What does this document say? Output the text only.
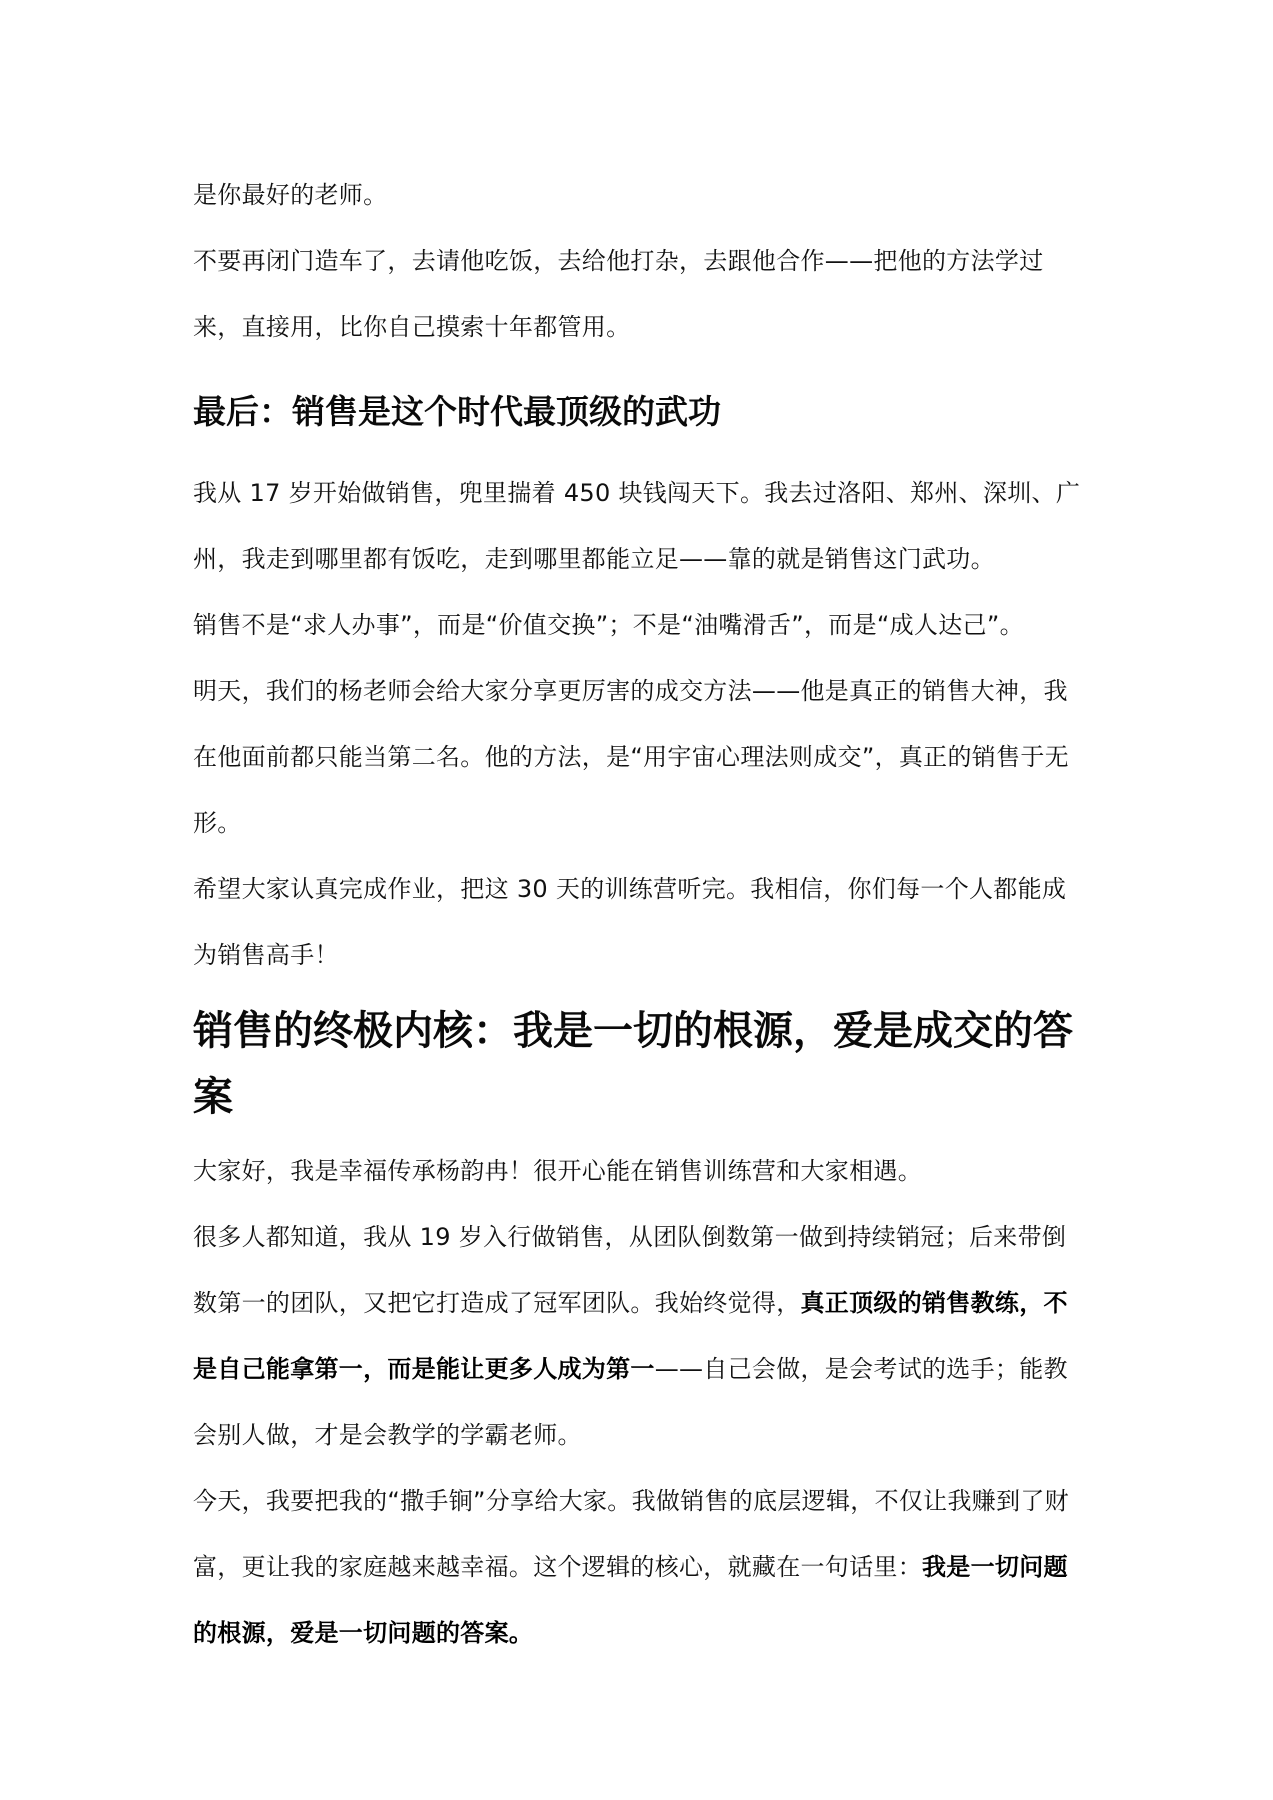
是你最好的老师。

不要再闭门造车了，去请他吃饭，去给他打杂，去跟他合作——把他的方法学过来，直接用，比你自己摸索十年都管用。

最后：销售是这个时代最顶级的武功

我从 17 岁开始做销售，兜里揣着 450 块钱闯天下。我去过洛阳、郑州、深圳、广州，我走到哪里都有饭吃，走到哪里都能立足——靠的就是销售这门武功。

销售不是“求人办事”，而是“价值交换”；不是“油嘴滑舌”，而是“成人达己”。

明天，我们的杨老师会给大家分享更厉害的成交方法——他是真正的销售大神，我在他面前都只能当第二名。他的方法，是“用宇宙心理法则成交”，真正的销售于无形。

希望大家认真完成作业，把这 30 天的训练营听完。我相信，你们每一个人都能成为销售高手！

销售的终极内核：我是一切的根源，爱是成交的答案

大家好，我是幸福传承杨韵冉！很开心能在销售训练营和大家相遇。

很多人都知道，我从 19 岁入行做销售，从团队倒数第一做到持续销冠；后来带倒数第一的团队，又把它打造成了冠军团队。我始终觉得，真正顶级的销售教练，不是自己能拿第一，而是能让更多人成为第一——自己会做，是会考试的选手；能教会别人做，才是会教学的学霸老师。

今天，我要把我的“撒手锏”分享给大家。我做销售的底层逻辑，不仅让我赚到了财富，更让我的家庭越来越幸福。这个逻辑的核心，就藏在一句话里：我是一切问题的根源，爱是一切问题的答案。
